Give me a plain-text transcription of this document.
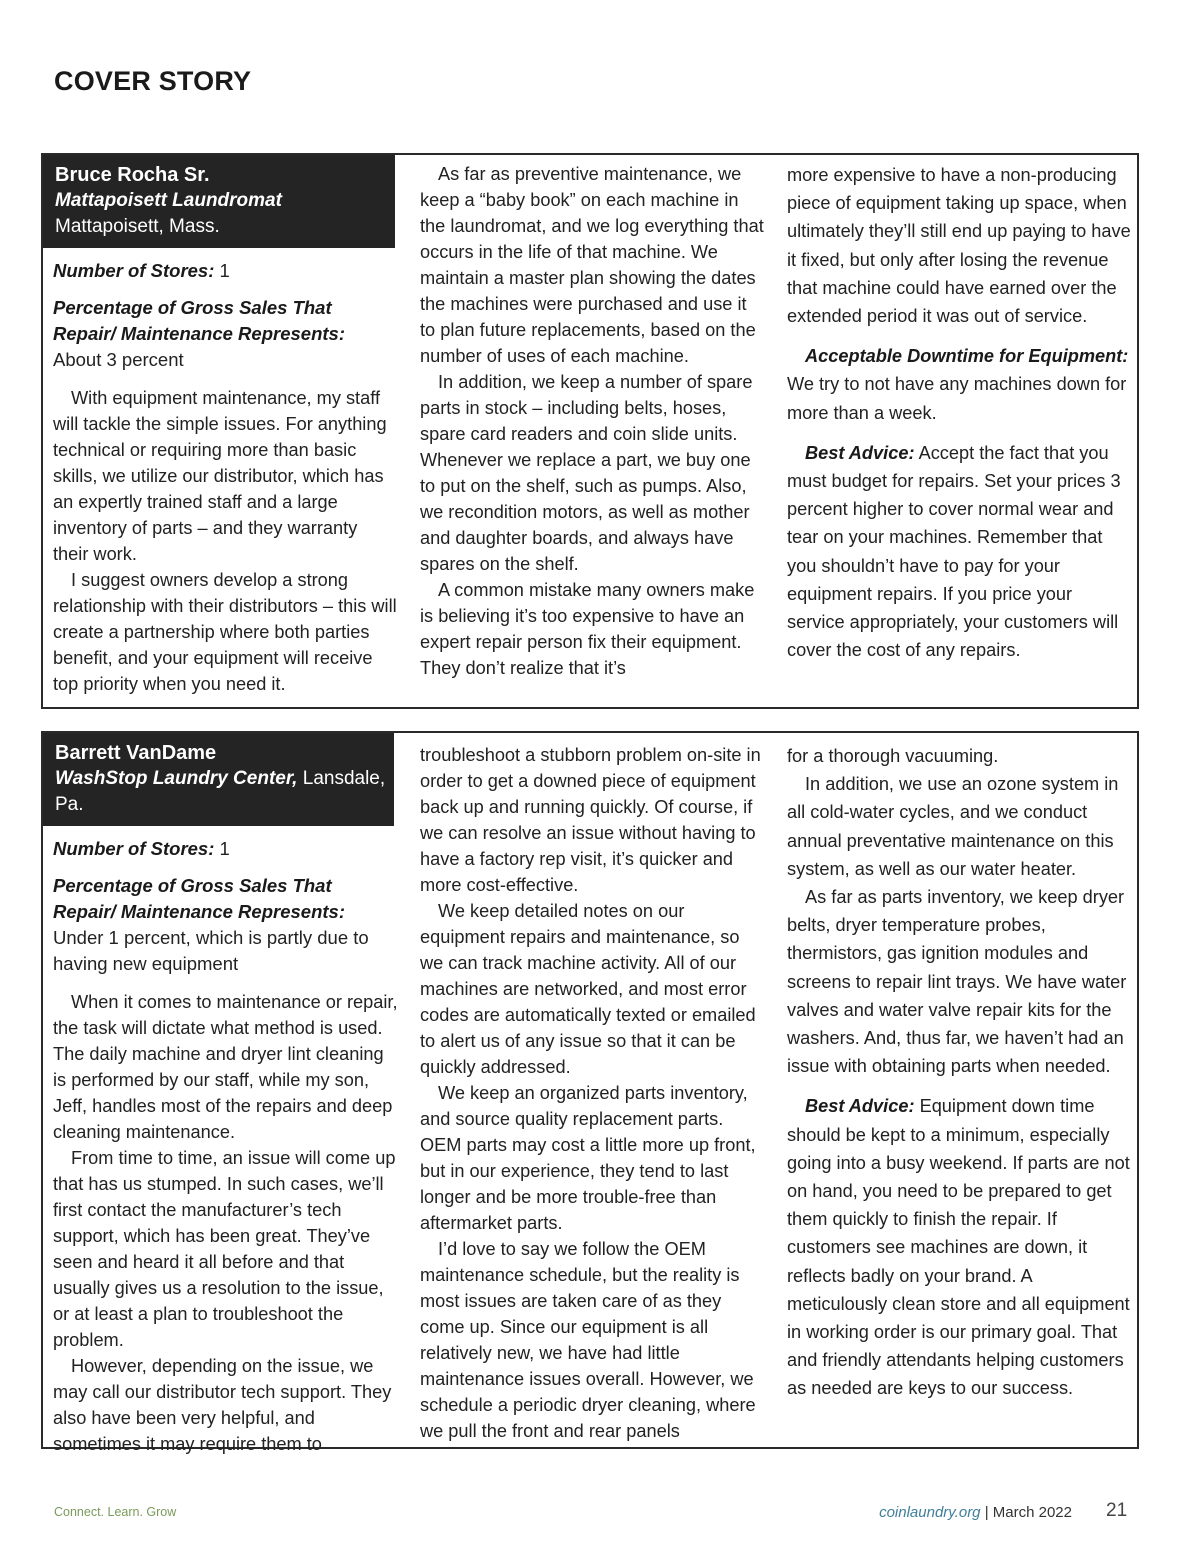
COVER STORY
Bruce Rocha Sr.
Mattapoisett Laundromat
Mattapoisett, Mass.
Number of Stores: 1
Percentage of Gross Sales That Repair/ Maintenance Represents: About 3 percent

With equipment maintenance, my staff will tackle the simple issues. For anything technical or requiring more than basic skills, we utilize our distributor, which has an expertly trained staff and a large inventory of parts – and they warranty their work.

I suggest owners develop a strong relationship with their distributors – this will create a partnership where both parties benefit, and your equipment will receive top priority when you need it.

As far as preventive maintenance, we keep a “baby book” on each machine in the laundromat, and we log everything that occurs in the life of that machine. We maintain a master plan showing the dates the machines were purchased and use it to plan future replacements, based on the number of uses of each machine.

In addition, we keep a number of spare parts in stock – including belts, hoses, spare card readers and coin slide units. Whenever we replace a part, we buy one to put on the shelf, such as pumps. Also, we recondition motors, as well as mother and daughter boards, and always have spares on the shelf.

A common mistake many owners make is believing it’s too expensive to have an expert repair person fix their equipment. They don’t realize that it’s

more expensive to have a non-producing piece of equipment taking up space, when ultimately they’ll still end up paying to have it fixed, but only after losing the revenue that machine could have earned over the extended period it was out of service.

Acceptable Downtime for Equipment: We try to not have any machines down for more than a week.

Best Advice: Accept the fact that you must budget for repairs. Set your prices 3 percent higher to cover normal wear and tear on your machines. Remember that you shouldn’t have to pay for your equipment repairs. If you price your service appropriately, your customers will cover the cost of any repairs.

Barrett VanDame
WashStop Laundry Center, Lansdale, Pa.
Number of Stores: 1
Percentage of Gross Sales That Repair/ Maintenance Represents: Under 1 percent, which is partly due to having new equipment

When it comes to maintenance or repair, the task will dictate what method is used. The daily machine and dryer lint cleaning is performed by our staff, while my son, Jeff, handles most of the repairs and deep cleaning maintenance.

From time to time, an issue will come up that has us stumped. In such cases, we’ll first contact the manufacturer’s tech support, which has been great. They’ve seen and heard it all before and that usually gives us a resolution to the issue, or at least a plan to troubleshoot the problem.

However, depending on the issue, we may call our distributor tech support. They also have been very helpful, and sometimes it may require them to

troubleshoot a stubborn problem on-site in order to get a downed piece of equipment back up and running quickly. Of course, if we can resolve an issue without having to have a factory rep visit, it’s quicker and more cost-effective.

We keep detailed notes on our equipment repairs and maintenance, so we can track machine activity. All of our machines are networked, and most error codes are automatically texted or emailed to alert us of any issue so that it can be quickly addressed.

We keep an organized parts inventory, and source quality replacement parts. OEM parts may cost a little more up front, but in our experience, they tend to last longer and be more trouble-free than aftermarket parts.

I’d love to say we follow the OEM maintenance schedule, but the reality is most issues are taken care of as they come up. Since our equipment is all relatively new, we have had little maintenance issues overall. However, we schedule a periodic dryer cleaning, where we pull the front and rear panels

for a thorough vacuuming.

In addition, we use an ozone system in all cold-water cycles, and we conduct annual preventative maintenance on this system, as well as our water heater.

As far as parts inventory, we keep dryer belts, dryer temperature probes, thermistors, gas ignition modules and screens to repair lint trays. We have water valves and water valve repair kits for the washers. And, thus far, we haven’t had an issue with obtaining parts when needed.

Best Advice: Equipment down time should be kept to a minimum, especially going into a busy weekend. If parts are not on hand, you need to be prepared to get them quickly to finish the repair. If customers see machines are down, it reflects badly on your brand. A meticulously clean store and all equipment in working order is our primary goal. That and friendly attendants helping customers as needed are keys to our success.

Connect. Learn. Grow	coinlaundry.org | March 2022 21
